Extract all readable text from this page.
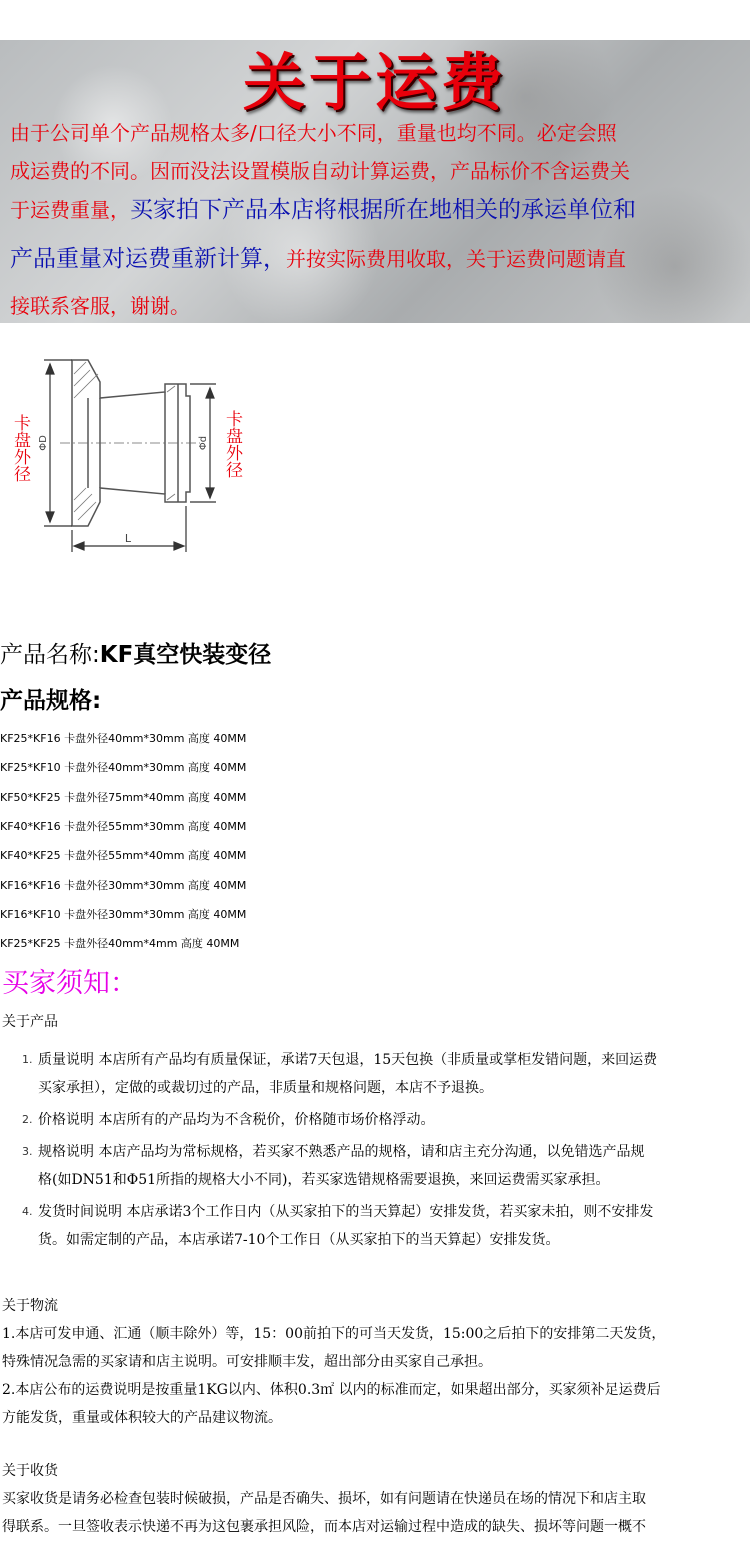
关于运费
由于公司单个产品规格太多/口径大小不同，重量也均不同。必定会照
成运费的不同。因而没法设置模版自动计算运费，产品标价不含运费关
于运费重量，买家拍下产品本店将根据所在地相关的承运单位和
产品重量对运费重新计算，并按实际费用收取，关于运费问题请直
接联系客服，谢谢。
ΦD	Φd
L
卡盘外径	卡盘外径
产品名称:KF真空快装变径
产品规格:
KF25*KF16 卡盘外径40mm*30mm 高度 40MM
KF25*KF10 卡盘外径40mm*30mm 高度 40MM
KF50*KF25 卡盘外径75mm*40mm 高度 40MM
KF40*KF16 卡盘外径55mm*30mm 高度 40MM
KF40*KF25 卡盘外径55mm*40mm 高度 40MM
KF16*KF16 卡盘外径30mm*30mm 高度 40MM
KF16*KF10 卡盘外径30mm*30mm 高度 40MM
KF25*KF25 卡盘外径40mm*4mm 高度 40MM
买家须知：
关于产品
1. 质量说明 本店所有产品均有质量保证，承诺7天包退，15天包换（非质量或掌柜发错问题，来回运费
买家承担），定做的或裁切过的产品，非质量和规格问题，本店不予退换。
2. 价格说明 本店所有的产品均为不含税价，价格随市场价格浮动。
3. 规格说明 本店产品均为常标规格，若买家不熟悉产品的规格，请和店主充分沟通，以免错选产品规
格(如DN51和Φ51所指的规格大小不同)，若买家选错规格需要退换，来回运费需买家承担。
4. 发货时间说明 本店承诺3个工作日内（从买家拍下的当天算起）安排发货，若买家未拍，则不安排发
货。如需定制的产品，本店承诺7-10个工作日（从买家拍下的当天算起）安排发货。
关于物流
1.本店可发申通、汇通（顺丰除外）等，15：00前拍下的可当天发货，15:00之后拍下的安排第二天发货，
特殊情况急需的买家请和店主说明。可安排顺丰发，超出部分由买家自己承担。
2.本店公布的运费说明是按重量1KG以内、体积0.3㎡ 以内的标准而定，如果超出部分，买家须补足运费后
方能发货，重量或体积较大的产品建议物流。
关于收货
买家收货是请务必检查包装时候破损，产品是否确失、损坏，如有问题请在快递员在场的情况下和店主取
得联系。一旦签收表示快递不再为这包裹承担风险，而本店对运输过程中造成的缺失、损坏等问题一概不
